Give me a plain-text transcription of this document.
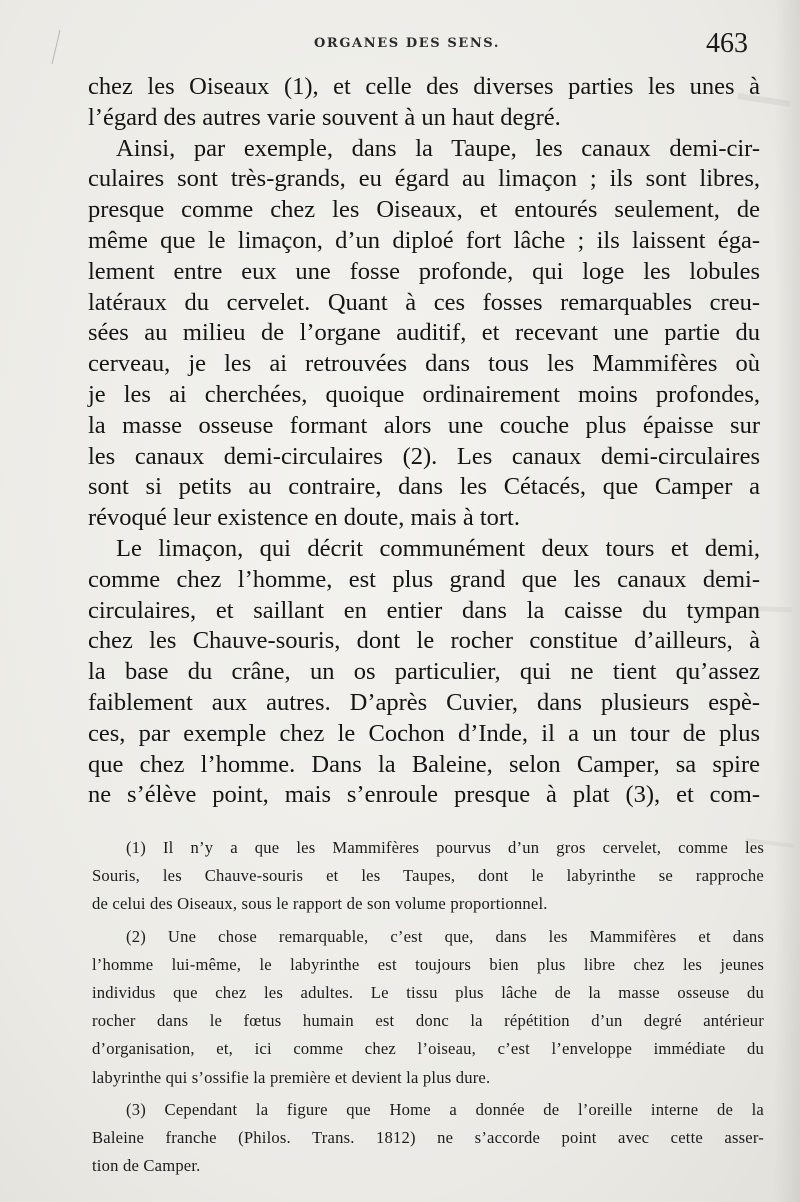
ORGANES DES SENS.	463
chez les Oiseaux (1), et celle des diverses parties les unes à
l’égard des autres varie souvent à un haut degré.
Ainsi, par exemple, dans la Taupe, les canaux demi-cir-
culaires sont très-grands, eu égard au limaçon ; ils sont libres,
presque comme chez les Oiseaux, et entourés seulement, de
même que le limaçon, d’un diploé fort lâche ; ils laissent éga-
lement entre eux une fosse profonde, qui loge les lobules
latéraux du cervelet. Quant à ces fosses remarquables creu-
sées au milieu de l’organe auditif, et recevant une partie du
cerveau, je les ai retrouvées dans tous les Mammifères où
je les ai cherchées, quoique ordinairement moins profondes,
la masse osseuse formant alors une couche plus épaisse sur
les canaux demi-circulaires (2). Les canaux demi-circulaires
sont si petits au contraire, dans les Cétacés, que Camper a
révoqué leur existence en doute, mais à tort.
Le limaçon, qui décrit communément deux tours et demi,
comme chez l’homme, est plus grand que les canaux demi-
circulaires, et saillant en entier dans la caisse du tympan
chez les Chauve-souris, dont le rocher constitue d’ailleurs, à
la base du crâne, un os particulier, qui ne tient qu’assez
faiblement aux autres. D’après Cuvier, dans plusieurs espè-
ces, par exemple chez le Cochon d’Inde, il a un tour de plus
que chez l’homme. Dans la Baleine, selon Camper, sa spire
ne s’élève point, mais s’enroule presque à plat (3), et com-
(1) Il n’y a que les Mammifères pourvus d’un gros cervelet, comme les
Souris, les Chauve-souris et les Taupes, dont le labyrinthe se rapproche
de celui des Oiseaux, sous le rapport de son volume proportionnel.
(2) Une chose remarquable, c’est que, dans les Mammifères et dans
l’homme lui-même, le labyrinthe est toujours bien plus libre chez les jeunes
individus que chez les adultes. Le tissu plus lâche de la masse osseuse du
rocher dans le fœtus humain est donc la répétition d’un degré antérieur
d’organisation, et, ici comme chez l’oiseau, c’est l’enveloppe immédiate du
labyrinthe qui s’ossifie la première et devient la plus dure.
(3) Cependant la figure que Home a donnée de l’oreille interne de la
Baleine franche (Philos. Trans. 1812) ne s’accorde point avec cette asser-
tion de Camper.
